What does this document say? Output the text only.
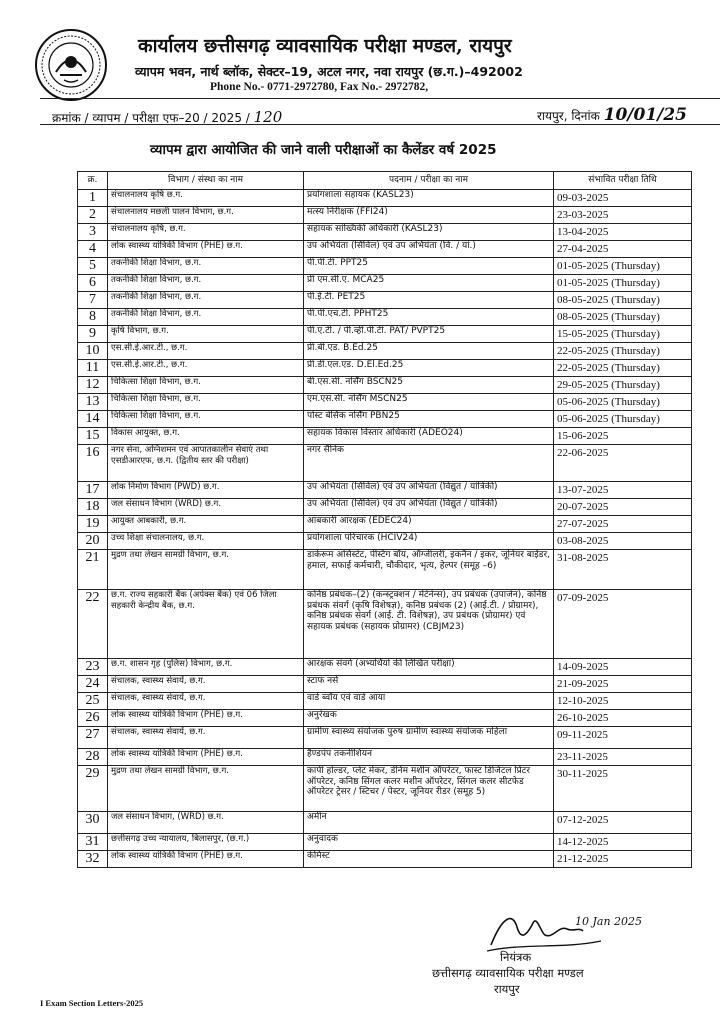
कार्यालय छत्तीसगढ़ व्यावसायिक परीक्षा मण्डल, रायपुर
व्यापम भवन, नार्थ ब्लॉक, सेक्टर–19, अटल नगर, नवा रायपुर (छ.ग.)–492002
Phone No.- 0771-2972780, Fax No.- 2972782,
क्रमांक / व्यापम / परीक्षा एफ–20 / 2025 / 120	रायपुर, दिनांक 10/01/25
व्यापम द्वारा आयोजित की जाने वाली परीक्षाओं का कैलेंडर वर्ष 2025
क्र.	विभाग / संस्था का नाम	पदनाम / परीक्षा का नाम	संभावित परीक्षा तिथि
1	संचालनालय कृषि छ.ग.	प्रयोगशाला सहायक (KASL23)	09-03-2025
2	संचालनालय मछली पालन विभाग, छ.ग.	मत्स्य निरीक्षक (FFI24)	23-03-2025
3	संचालनालय कृषि, छ.ग.	सहायक सांख्यिकी अधिकारी (KASL23)	13-04-2025
4	लोक स्वास्थ्य यांत्रिकी विभाग (PHE) छ.ग.	उप अभियंता (सिविल) एवं उप अभियंता (वि. / यां.)	27-04-2025
5	तकनीकी शिक्षा विभाग, छ.ग.	पी.पी.टी. PPT25	01-05-2025 (Thursday)
6	तकनीकी शिक्षा विभाग, छ.ग.	प्री एम.सी.ए. MCA25	01-05-2025 (Thursday)
7	तकनीकी शिक्षा विभाग, छ.ग.	पी.ई.टी. PET25	08-05-2025 (Thursday)
8	तकनीकी शिक्षा विभाग, छ.ग.	पी.पी.एच.टी. PPHT25	08-05-2025 (Thursday)
9	कृषि विभाग, छ.ग.	पी.ए.टी. / पी.व्ही.पी.टी. PAT/ PVPT25	15-05-2025 (Thursday)
10	एस.सी.ई.आर.टी., छ.ग.	प्री.बी.एड. B.Ed.25	22-05-2025 (Thursday)
11	एस.सी.ई.आर.टी., छ.ग.	प्री.डी.एल.एड. D.El.Ed.25	22-05-2025 (Thursday)
12	चिकित्सा शिक्षा विभाग, छ.ग.	बी.एस.सी. नर्सिंग BSCN25	29-05-2025 (Thursday)
13	चिकित्सा शिक्षा विभाग, छ.ग.	एम.एस.सी. नर्सिंग MSCN25	05-06-2025 (Thursday)
14	चिकित्सा शिक्षा विभाग, छ.ग.	पोस्ट बेसिक नर्सिंग PBN25	05-06-2025 (Thursday)
15	विकास आयुक्त, छ.ग.	सहायक विकास विस्तार अधिकारी (ADEO24)	15-06-2025
16	नगर सेना, अग्निशमन एवं आपातकालीन सेवाएं तथा एसडीआरएफ, छ.ग. (द्वितीय स्तर की परीक्षा)	नगर सैनिक	22-06-2025
17	लोक निर्माण विभाग (PWD) छ.ग.	उप अभियंता (सिविल) एवं उप अभियंता (विद्युत / यांत्रिकी)	13-07-2025
18	जल संसाधन विभाग (WRD) छ.ग.	उप अभियंता (सिविल) एवं उप अभियंता (विद्युत / यांत्रिकी)	20-07-2025
19	आयुक्त आबकारी, छ.ग.	आबकारी आरक्षक (EDEC24)	27-07-2025
20	उच्च शिक्षा संचालनालय, छ.ग.	प्रयोगशाला परिचारक (HCIV24)	03-08-2025
21	मुद्रण तथा लेखन सामग्री विभाग, छ.ग.	डार्करूम असिस्टेंट, पेस्टिंग बॉय, ऑग्जीलरी, इकनैन / इकर, जूनियर बाईंडर, हमाल, सफाई कर्मचारी, चौकीदार, भृत्य, हेल्पर (समूह –6)	31-08-2025
22	छ.ग. राज्य सहकारी बैंक (अपेक्स बैंक) एवं 06 जिला सहकारी केन्द्रीय बैंक, छ.ग.	कनिष्ठ प्रबंधक–(2) (कन्स्ट्रक्शन / मेंटेनेन्स), उप प्रबंधक (उपार्जन), कनिष्ठ प्रबंधक संवर्ग (कृषि विशेषज्ञ), कनिष्ठ प्रबंधक (2) (आई.टी. / प्रोग्रामर), कनिष्ठ प्रबंधक संवर्ग (आई. टी. विशेषज्ञ), उप प्रबंधक (प्रोग्रामर) एवं सहायक प्रबंधक (सहायक प्रोग्रामर) (CBJM23)	07-09-2025
23	छ.ग. शासन गृह (पुलिस) विभाग, छ.ग.	आरक्षक संवर्ग (अभ्यर्थियों की लिखित परीक्षा)	14-09-2025
24	संचालक, स्वास्थ्य सेवायें, छ.ग.	स्टाफ नर्स	21-09-2025
25	संचालक, स्वास्थ्य सेवायें, छ.ग.	वार्ड ब्वॉय एवं वार्ड आया	12-10-2025
26	लोक स्वास्थ्य यांत्रिकी विभाग (PHE) छ.ग.	अनुरेखक	26-10-2025
27	संचालक, स्वास्थ्य सेवायें, छ.ग.	ग्रामीण स्वास्थ्य संयोजक पुरुष ग्रामीण स्वास्थ्य संयोजक महिला	09-11-2025
28	लोक स्वास्थ्य यांत्रिकी विभाग (PHE) छ.ग.	हैण्डपंप तकनीशियन	23-11-2025
29	मुद्रण तथा लेखन सामग्री विभाग, छ.ग.	कापी होल्डर, प्लेट मेकर, डेनिम मशीन ऑपरेटर, फास्ट डिजिटल प्रिंटर ऑपरेटर, कनिष्ठ सिंगल कलर मशीन ऑपरेटर, सिंगल कलर सीटफेड ऑपरेटर ट्रेसर / स्टिचर / पेस्टर, जूनियर रीडर (समूह 5)	30-11-2025
30	जल संसाधन विभाग, (WRD) छ.ग.	अमीन	07-12-2025
31	छत्तीसगढ़ उच्च न्यायालय, बिलासपुर, (छ.ग.)	अनुवादक	14-12-2025
32	लोक स्वास्थ्य यांत्रिकी विभाग (PHE) छ.ग.	केमिस्ट	21-12-2025
10 Jan 2025
नियंत्रक
छत्तीसगढ़ व्यावसायिक परीक्षा मण्डल
रायपुर
I Exam Section Letters-2025
